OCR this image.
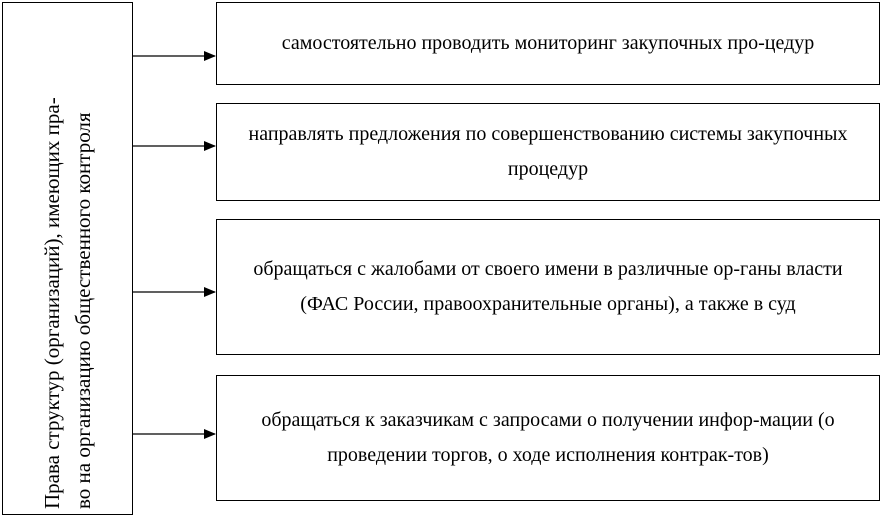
Права структур (организаций), имеющих пра- во на организацию общественного контроля
самостоятельно проводить мониторинг закупочных про-цедур
направлять предложения по совершенствованию системы закупочных процедур
обращаться с жалобами от своего имени в различные ор-ганы власти (ФАС России, правоохранительные органы), а также в суд
обращаться к заказчикам с запросами о получении инфор-мации (о проведении торгов, о ходе исполнения контрак-тов)
